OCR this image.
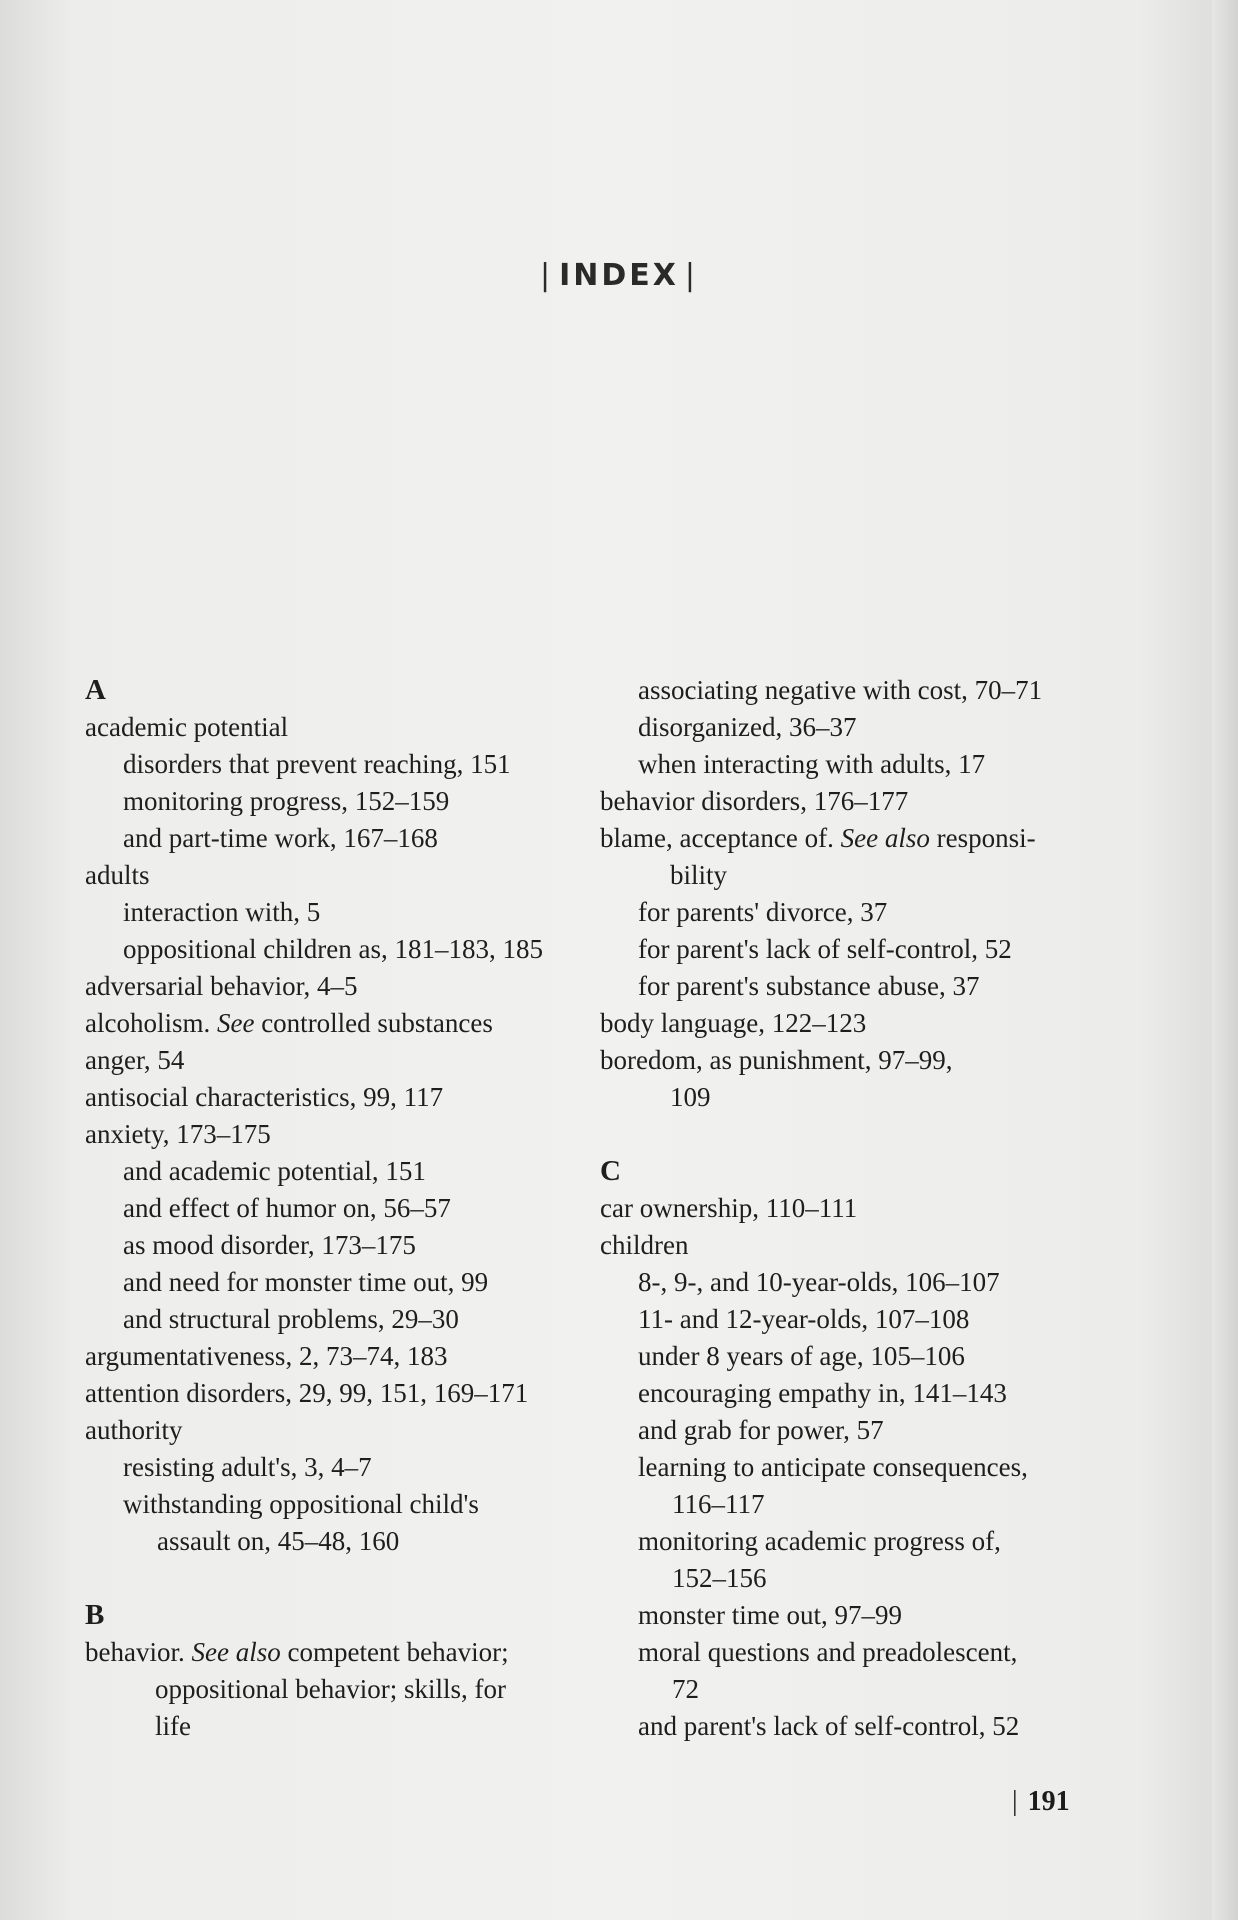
| INDEX |
A
academic potential
disorders that prevent reaching, 151
monitoring progress, 152–159
and part-time work, 167–168
adults
interaction with, 5
oppositional children as, 181–183, 185
adversarial behavior, 4–5
alcoholism. See controlled substances
anger, 54
antisocial characteristics, 99, 117
anxiety, 173–175
and academic potential, 151
and effect of humor on, 56–57
as mood disorder, 173–175
and need for monster time out, 99
and structural problems, 29–30
argumentativeness, 2, 73–74, 183
attention disorders, 29, 99, 151, 169–171
authority
resisting adult's, 3, 4–7
withstanding oppositional child's
assault on, 45–48, 160
B
behavior. See also competent behavior;
oppositional behavior; skills, for
life
associating negative with cost, 70–71
disorganized, 36–37
when interacting with adults, 17
behavior disorders, 176–177
blame, acceptance of. See also responsi-
bility
for parents' divorce, 37
for parent's lack of self-control, 52
for parent's substance abuse, 37
body language, 122–123
boredom, as punishment, 97–99,
109
C
car ownership, 110–111
children
8-, 9-, and 10-year-olds, 106–107
11- and 12-year-olds, 107–108
under 8 years of age, 105–106
encouraging empathy in, 141–143
and grab for power, 57
learning to anticipate consequences,
116–117
monitoring academic progress of,
152–156
monster time out, 97–99
moral questions and preadolescent,
72
and parent's lack of self-control, 52
| 191
